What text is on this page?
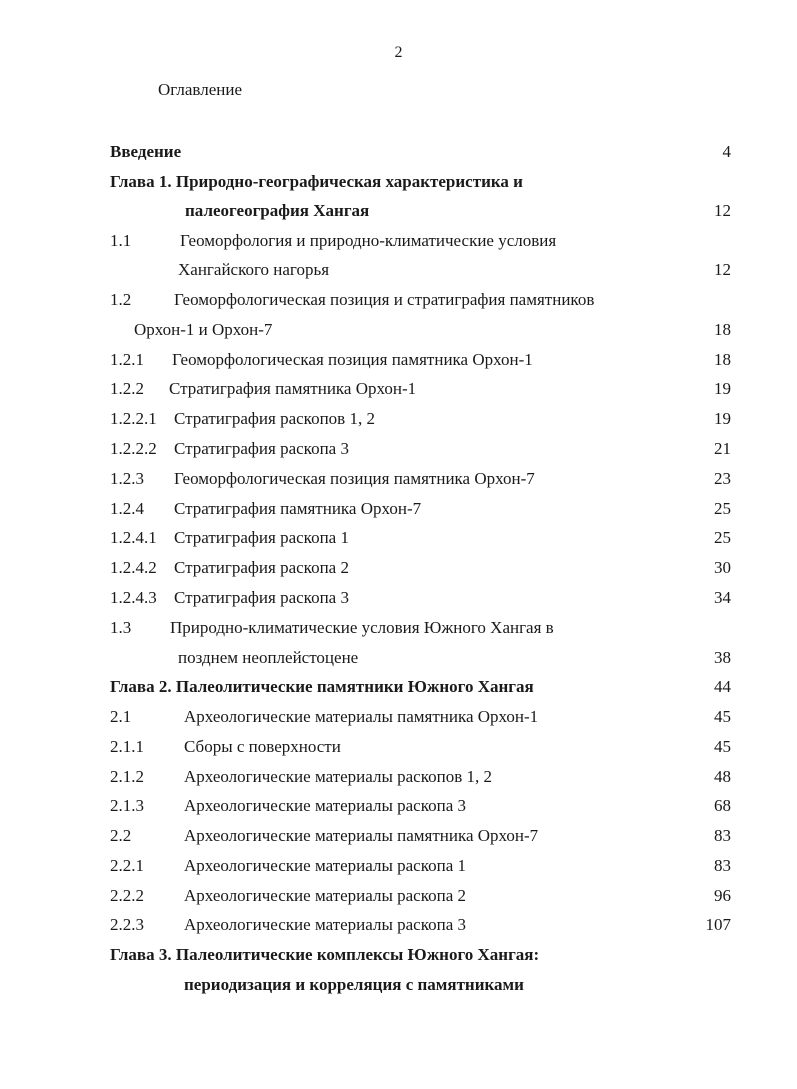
2
Оглавление
Введение	4
Глава 1. Природно-географическая характеристика и
палеогеография Хангая	12
1.1	Геоморфология и природно-климатические условия
Хангайского нагорья	12
1.2	Геоморфологическая позиция и стратиграфия памятников
Орхон-1 и Орхон-7	18
1.2.1 Геоморфологическая позиция памятника Орхон-1	18
1.2.2 Стратиграфия памятника Орхон-1	19
1.2.2.1 Стратиграфия раскопов 1, 2	19
1.2.2.2 Стратиграфия раскопа 3	21
1.2.3 Геоморфологическая позиция памятника Орхон-7	23
1.2.4 Стратиграфия памятника Орхон-7	25
1.2.4.1 Стратиграфия раскопа 1	25
1.2.4.2 Стратиграфия раскопа 2	30
1.2.4.3 Стратиграфия раскопа 3	34
1.3 Природно-климатические условия Южного Хангая в
позднем неоплейстоцене	38
Глава 2. Палеолитические памятники Южного Хангая	44
2.1	Археологические материалы памятника Орхон-1	45
2.1.1 Сборы с поверхности	45
2.1.2 Археологические материалы раскопов 1, 2	48
2.1.3 Археологические материалы раскопа 3	68
2.2	Археологические материалы памятника Орхон-7	83
2.2.1 Археологические материалы раскопа 1	83
2.2.2 Археологические материалы раскопа 2	96
2.2.3 Археологические материалы раскопа 3	107
Глава 3. Палеолитические комплексы Южного Хангая:
периодизация и корреляция с памятниками
